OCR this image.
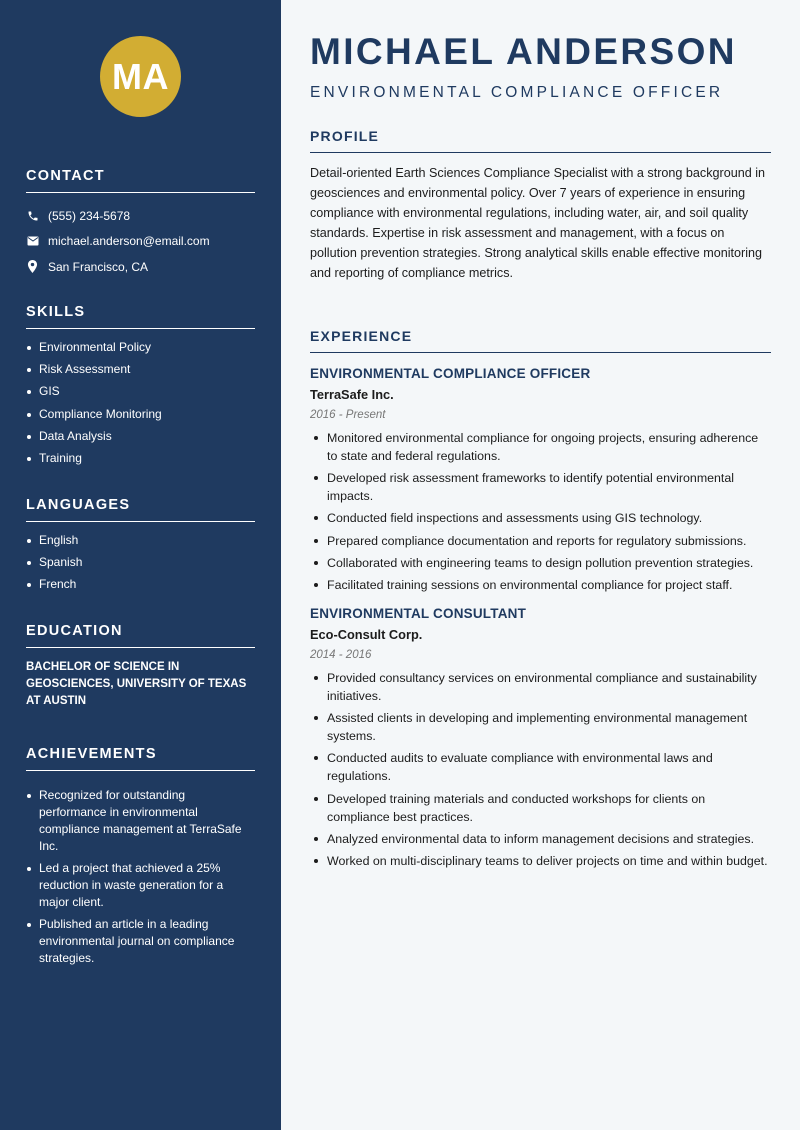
MA
CONTACT
(555) 234-5678
michael.anderson@email.com
San Francisco, CA
SKILLS
Environmental Policy
Risk Assessment
GIS
Compliance Monitoring
Data Analysis
Training
LANGUAGES
English
Spanish
French
EDUCATION

BACHELOR OF SCIENCE IN GEOSCIENCES, UNIVERSITY OF TEXAS AT AUSTIN

ACHIEVEMENTS
Recognized for outstanding performance in environmental compliance management at TerraSafe Inc.
Led a project that achieved a 25% reduction in waste generation for a major client.
Published an article in a leading environmental journal on compliance strategies.
MICHAEL ANDERSON
ENVIRONMENTAL COMPLIANCE OFFICER
PROFILE

Detail-oriented Earth Sciences Compliance Specialist with a strong background in geosciences and environmental policy. Over 7 years of experience in ensuring compliance with environmental regulations, including water, air, and soil quality standards. Expertise in risk assessment and management, with a focus on pollution prevention strategies. Strong analytical skills enable effective monitoring and reporting of compliance metrics.

EXPERIENCE
ENVIRONMENTAL COMPLIANCE OFFICER
TerraSafe Inc.
2016 - Present
Monitored environmental compliance for ongoing projects, ensuring adherence to state and federal regulations.
Developed risk assessment frameworks to identify potential environmental impacts.
Conducted field inspections and assessments using GIS technology.
Prepared compliance documentation and reports for regulatory submissions.
Collaborated with engineering teams to design pollution prevention strategies.
Facilitated training sessions on environmental compliance for project staff.
ENVIRONMENTAL CONSULTANT
Eco-Consult Corp.
2014 - 2016
Provided consultancy services on environmental compliance and sustainability initiatives.
Assisted clients in developing and implementing environmental management systems.
Conducted audits to evaluate compliance with environmental laws and regulations.
Developed training materials and conducted workshops for clients on compliance best practices.
Analyzed environmental data to inform management decisions and strategies.
Worked on multi-disciplinary teams to deliver projects on time and within budget.
